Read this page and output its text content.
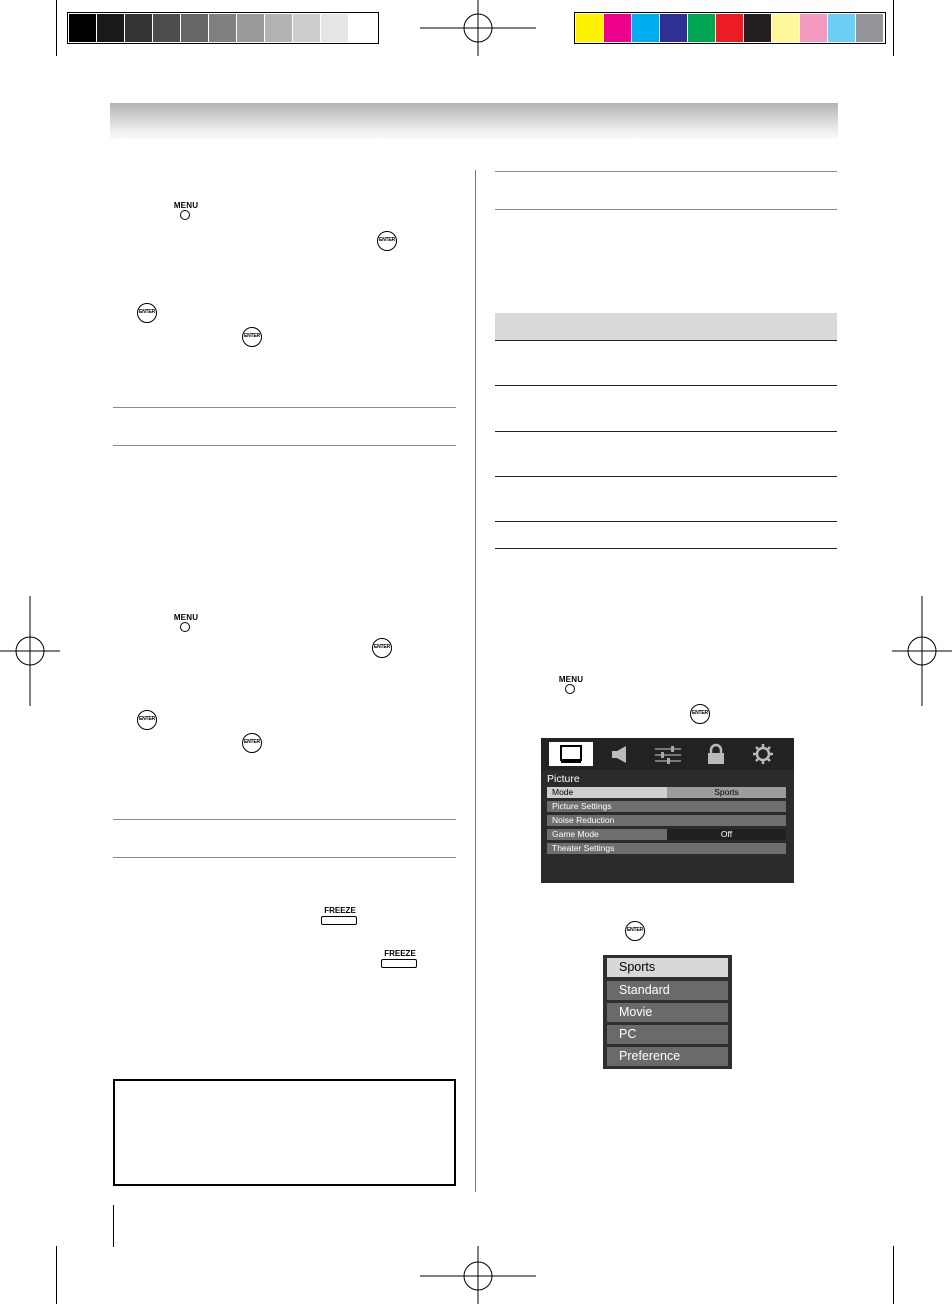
MENU
ENTER
ENTER
ENTER
MENU
ENTER
ENTER
ENTER
FREEZE
FREEZE
MENU
ENTER
Picture
Mode	Sports
Picture Settings
Noise Reduction
Game Mode	Off
Theater Settings
ENTER
Sports
Standard
Movie
PC
Preference
